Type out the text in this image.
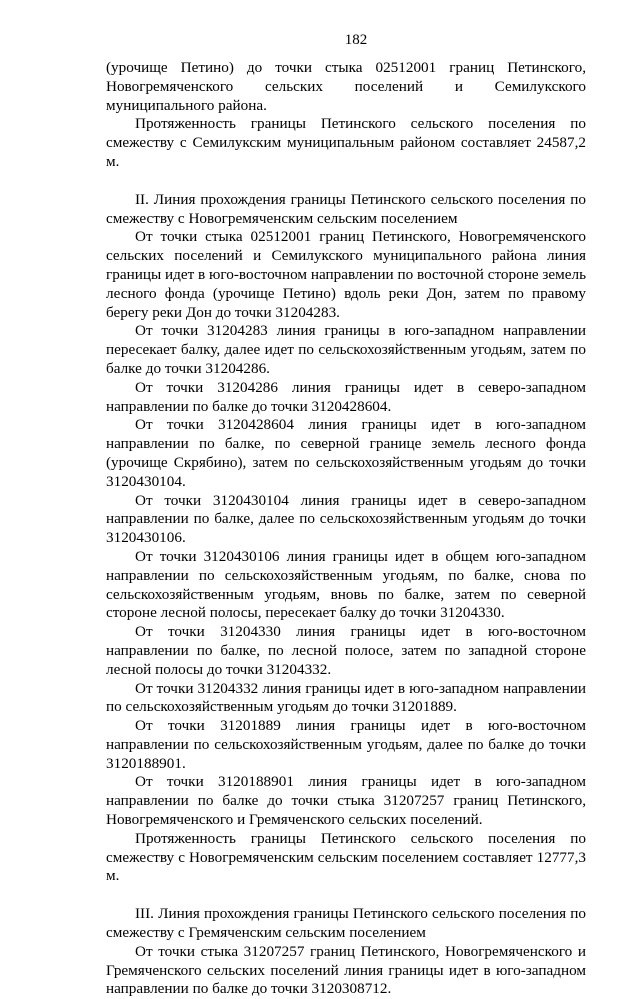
182

(урочище Петино) до точки стыка 02512001 границ Петинского, Новогремяченского сельских поселений и Семилукского муниципального района.

Протяженность границы Петинского сельского поселения по смежеству с Семилукским муниципальным районом составляет 24587,2 м.

II. Линия прохождения границы Петинского сельского поселения по смежеству с Новогремяченским сельским поселением

От точки стыка 02512001 границ Петинского, Новогремяченского сельских поселений и Семилукского муниципального района линия границы идет в юго-восточном направлении по восточной стороне земель лесного фонда (урочище Петино) вдоль реки Дон, затем по правому берегу реки Дон до точки 31204283.

От точки 31204283 линия границы в юго-западном направлении пересекает балку, далее идет по сельскохозяйственным угодьям, затем по балке до точки 31204286.

От точки 31204286 линия границы идет в северо-западном направлении по балке до точки 3120428604.

От точки 3120428604 линия границы идет в юго-западном направлении по балке, по северной границе земель лесного фонда (урочище Скрябино), затем по сельскохозяйственным угодьям до точки 3120430104.

От точки 3120430104 линия границы идет в северо-западном направлении по балке, далее по сельскохозяйственным угодьям до точки 3120430106.

От точки 3120430106 линия границы идет в общем юго-западном направлении по сельскохозяйственным угодьям, по балке, снова по сельскохозяйственным угодьям, вновь по балке, затем по северной стороне лесной полосы, пересекает балку до точки 31204330.

От точки 31204330 линия границы идет в юго-восточном направлении по балке, по лесной полосе, затем по западной стороне лесной полосы до точки 31204332.

От точки 31204332 линия границы идет в юго-западном направлении по сельскохозяйственным угодьям до точки 31201889.

От точки 31201889 линия границы идет в юго-восточном направлении по сельскохозяйственным угодьям, далее по балке до точки 3120188901.

От точки 3120188901 линия границы идет в юго-западном направлении по балке до точки стыка 31207257 границ Петинского, Новогремяченского и Гремяченского сельских поселений.

Протяженность границы Петинского сельского поселения по смежеству с Новогремяченским сельским поселением составляет 12777,3 м.

III. Линия прохождения границы Петинского сельского поселения по смежеству с Гремяченским сельским поселением

От точки стыка 31207257 границ Петинского, Новогремяченского и Гремяченского сельских поселений линия границы идет в юго-западном направлении по балке до точки 3120308712.
